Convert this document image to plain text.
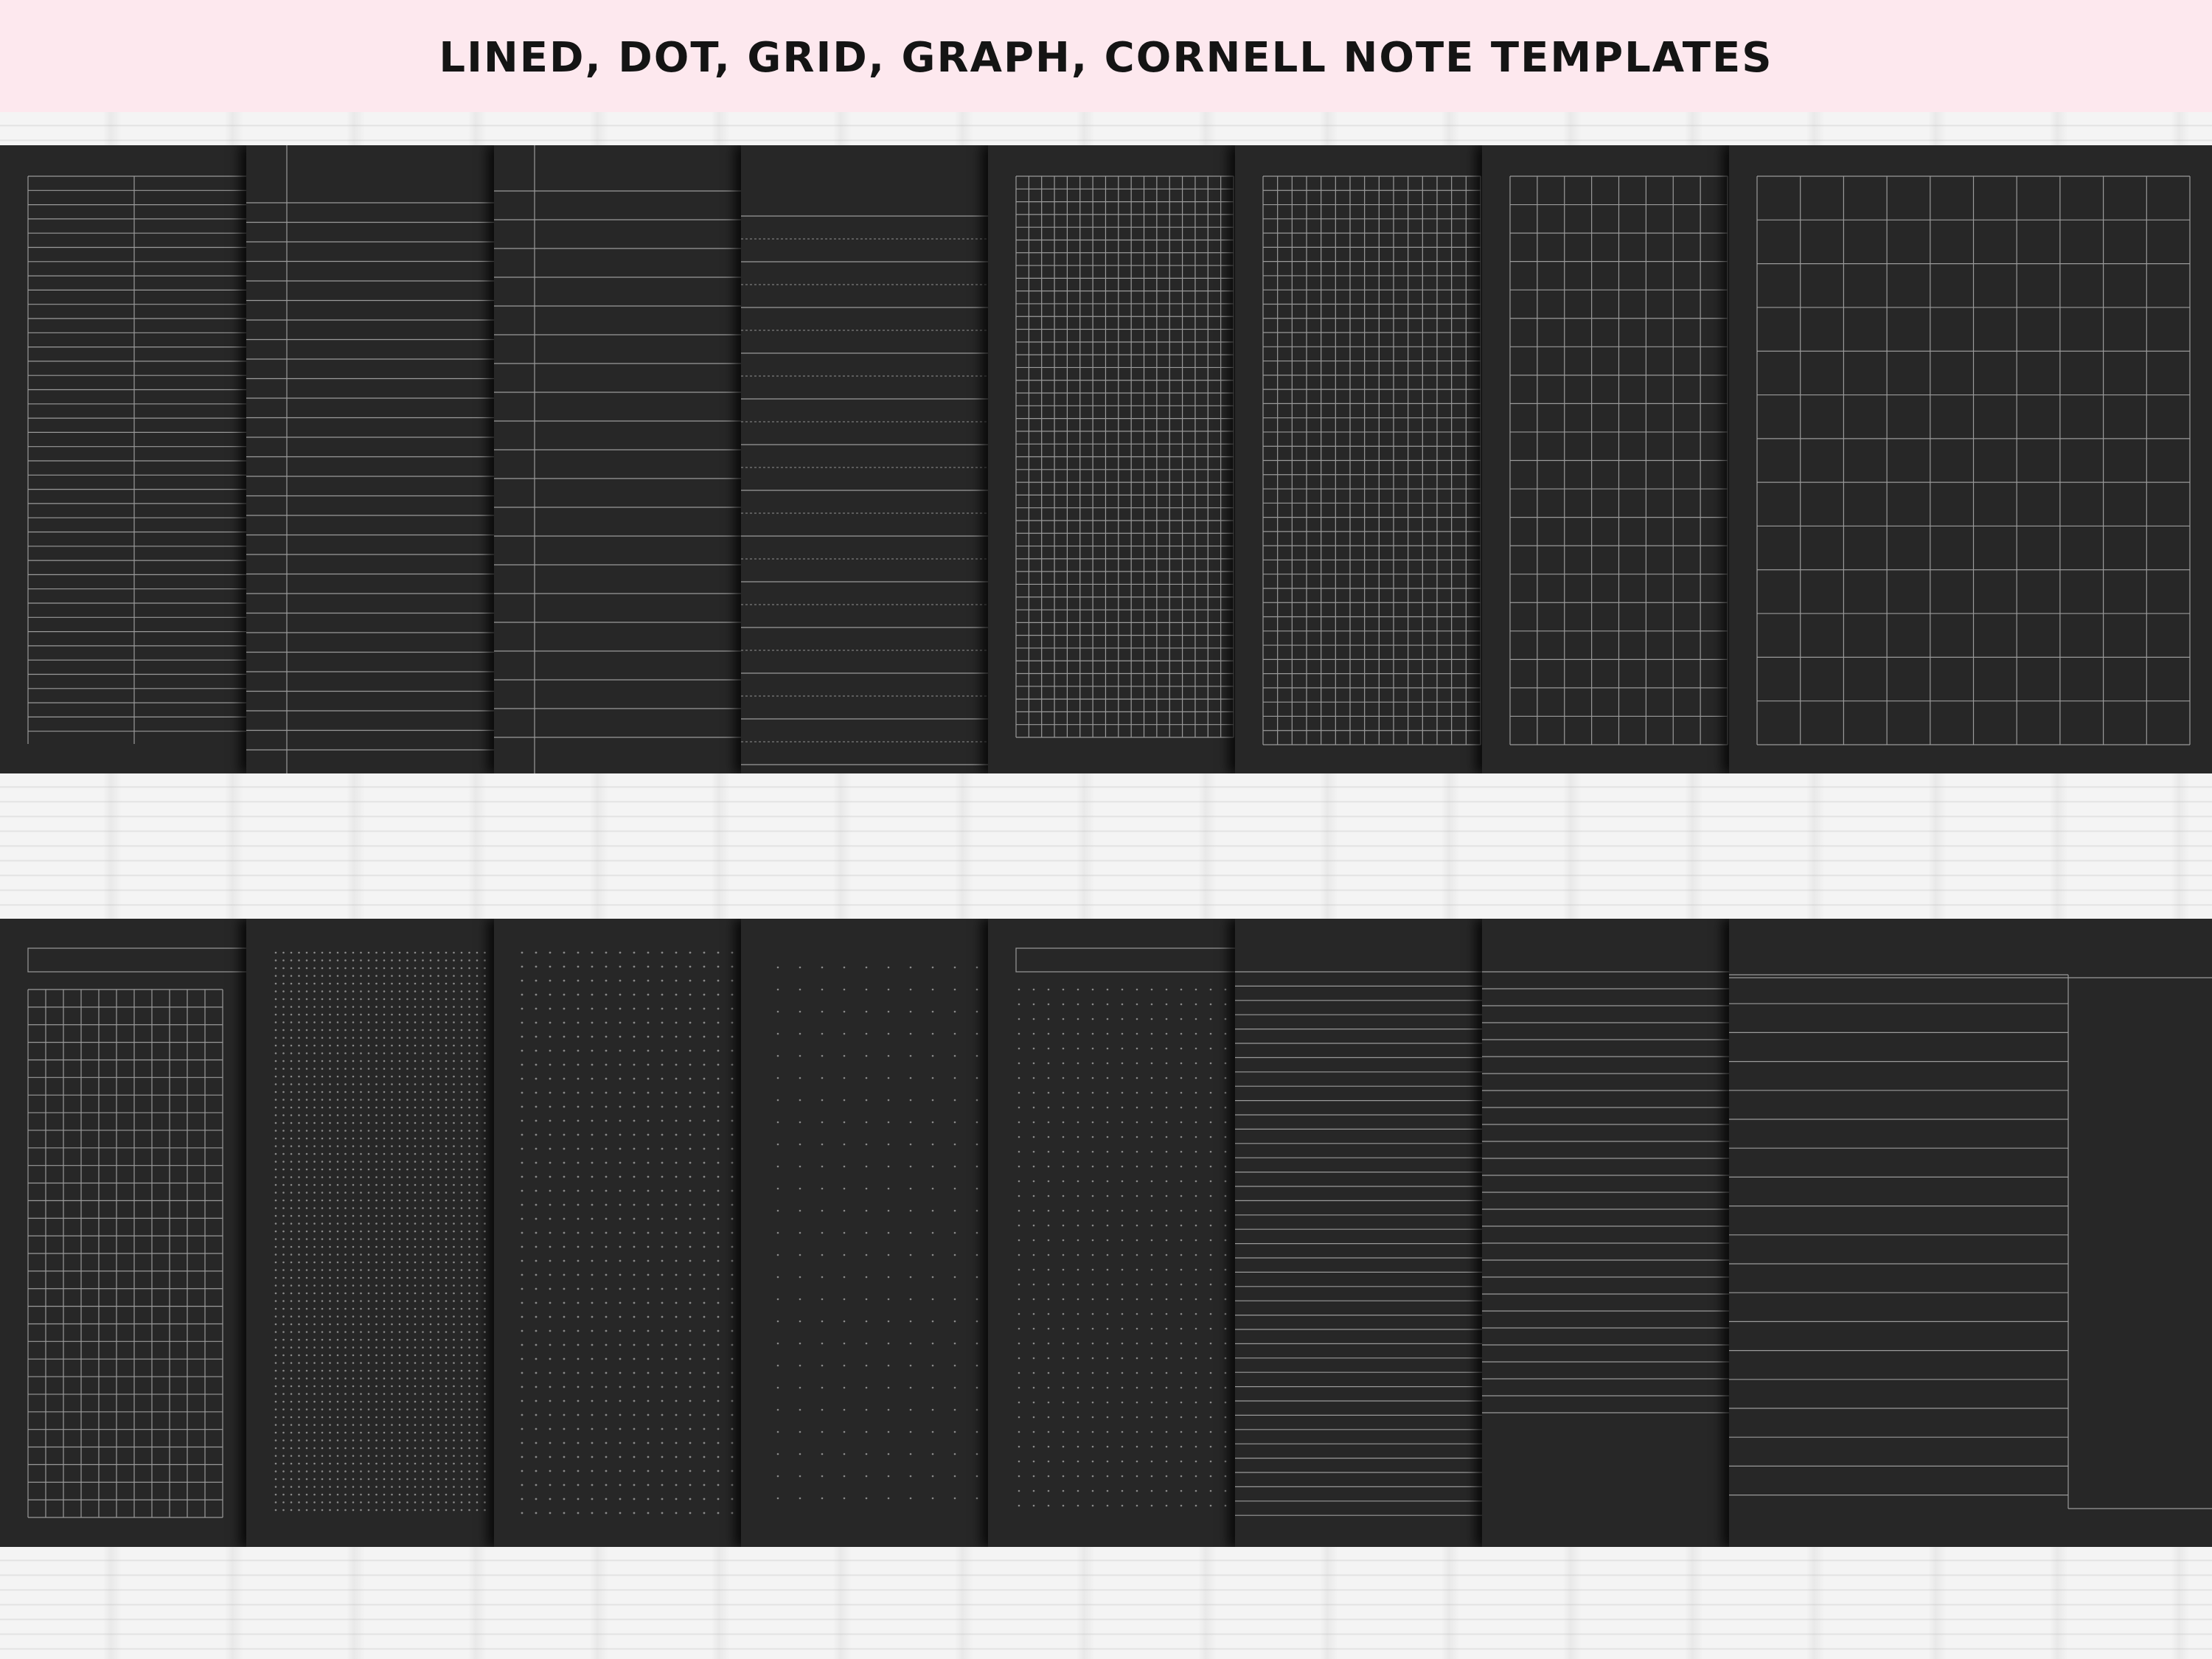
LINED, DOT, GRID, GRAPH, CORNELL NOTE TEMPLATES
